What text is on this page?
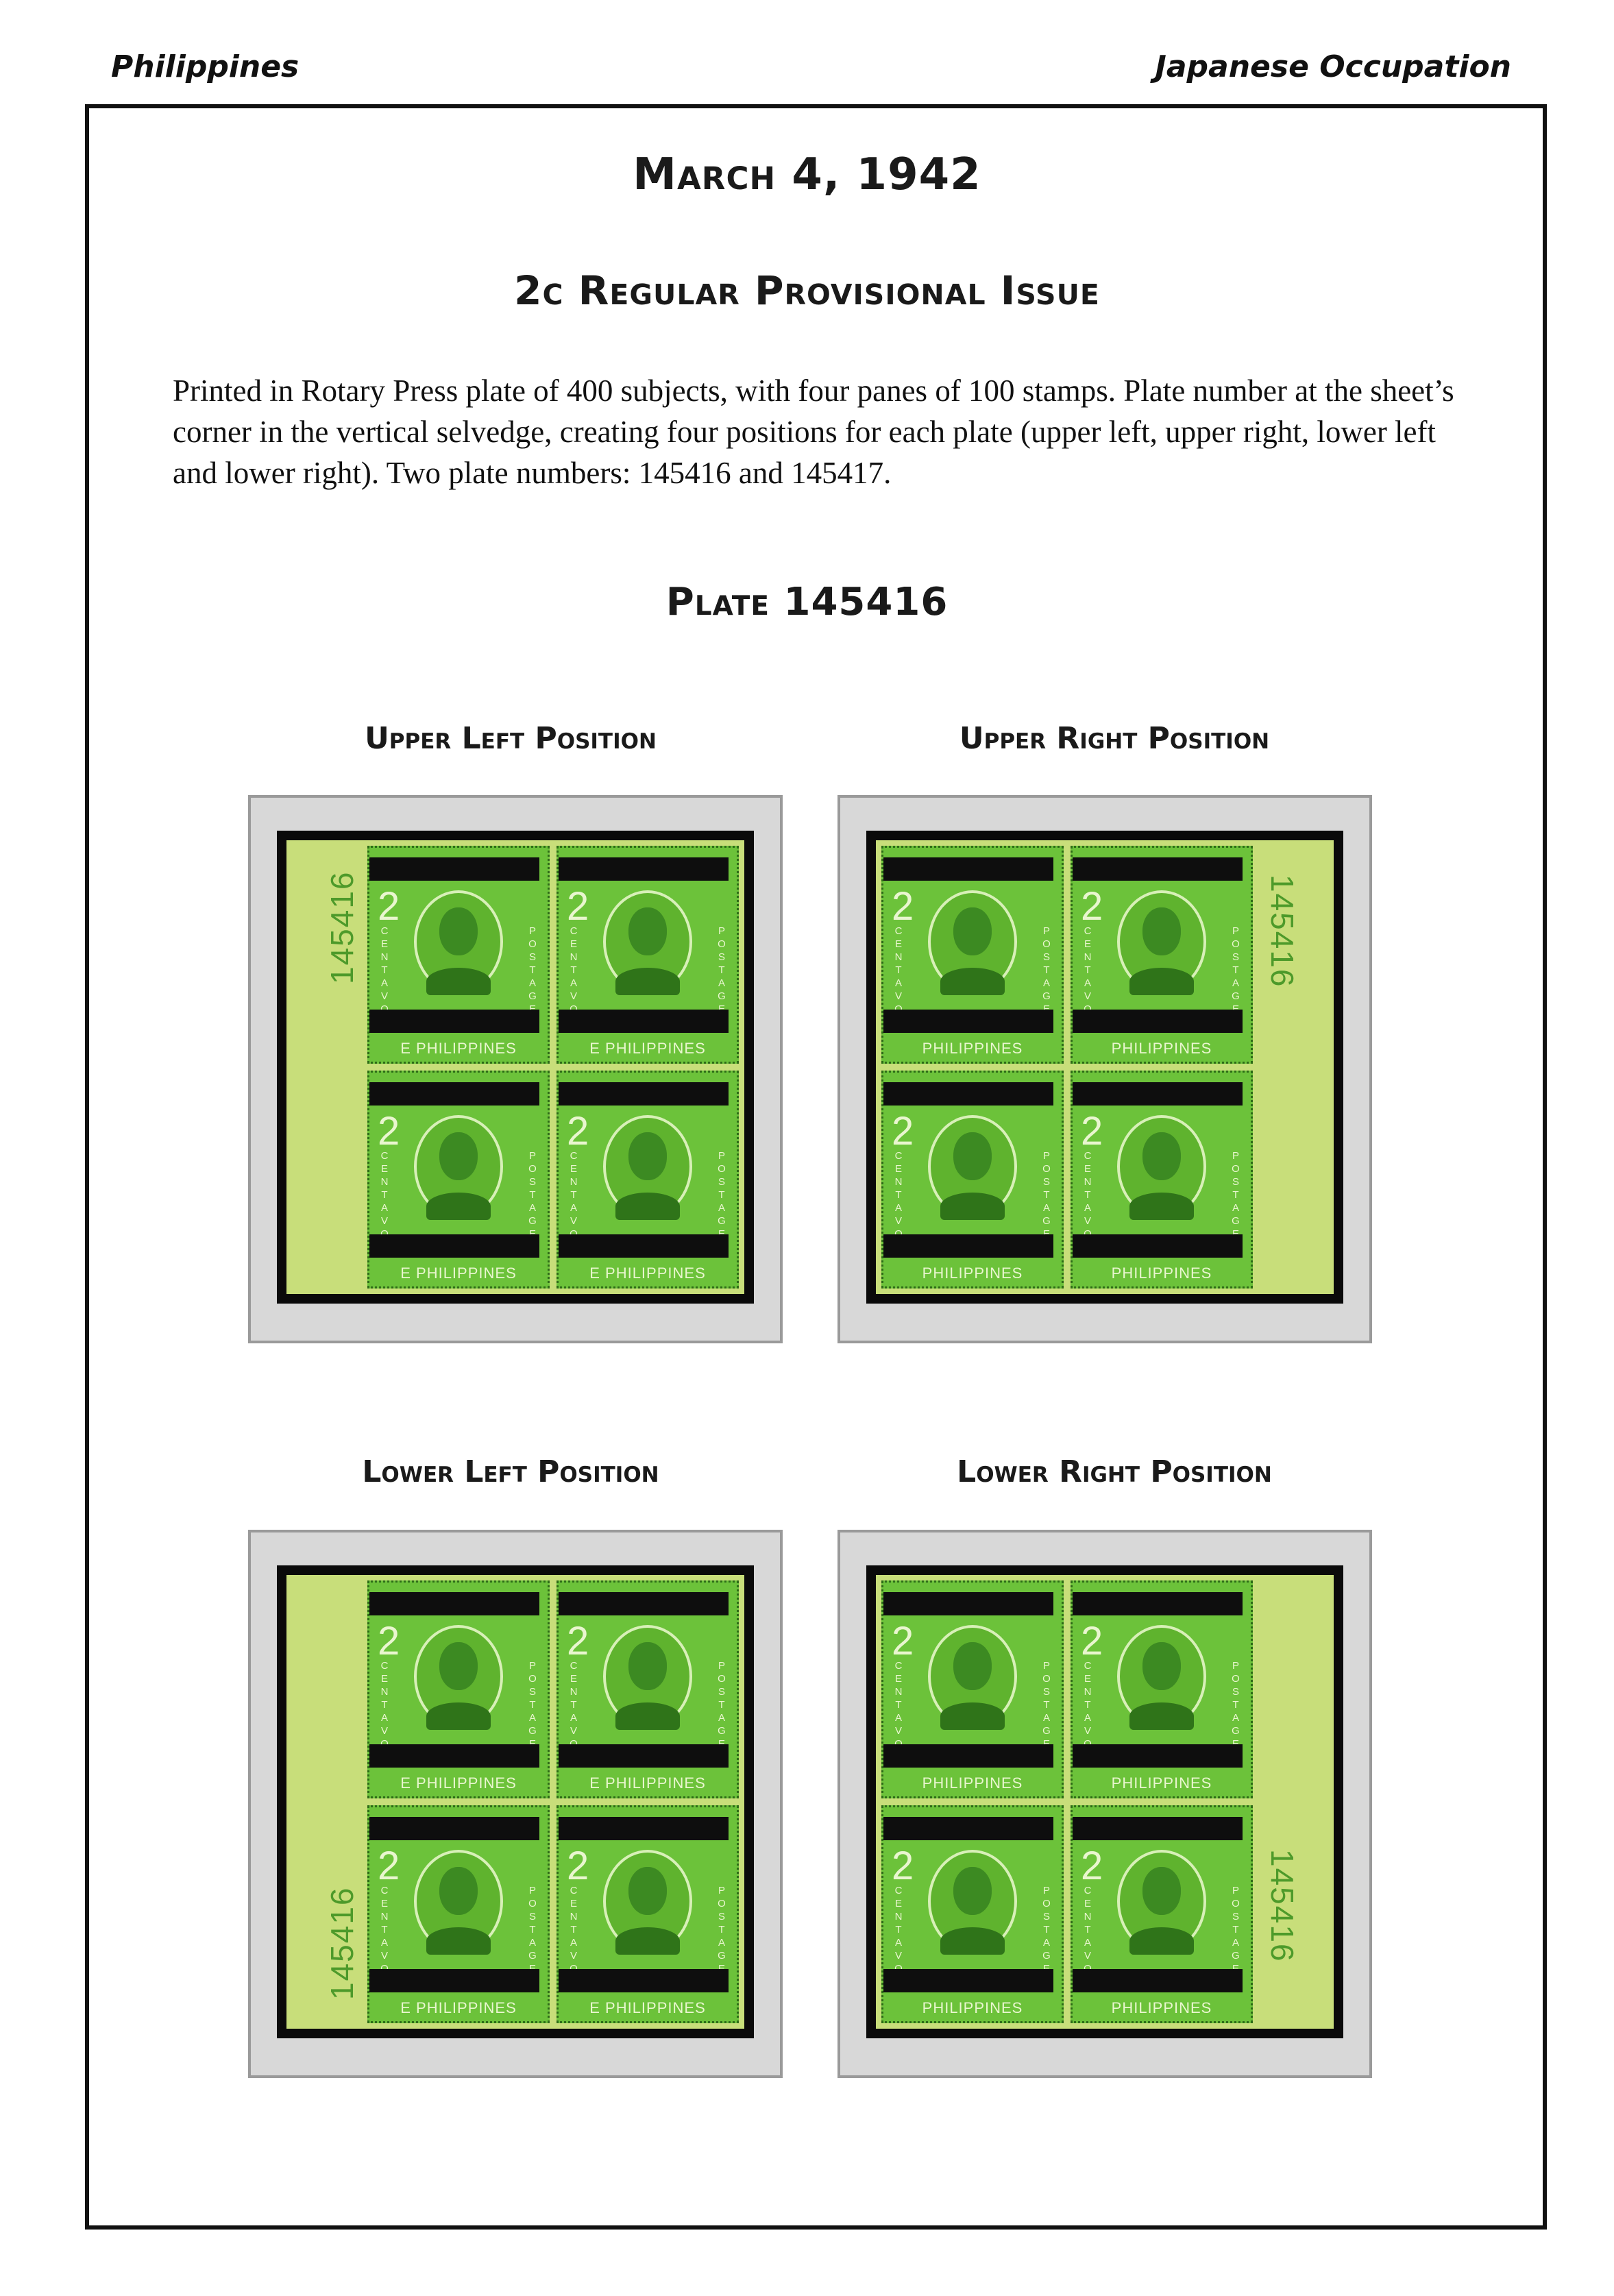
Philippines	Japanese Occupation
March 4, 1942
2c Regular Provisional Issue
Printed in Rotary Press plate of 400 subjects, with four panes of 100 stamps. Plate number at the sheet’s corner in the vertical selvedge, creating four positions for each plate (upper left, upper right, lower left and lower right). Two plate numbers: 145416 and 145417.
Plate 145416
Upper Left Position
145416 2
CENTAV
POSTAG
E PHILIPPINES
2
CENTAV
POSTAG
E PHILIPPINES
2
CENTAV
POSTAG
E PHILIPPINES
2
CENTAV
POSTAG
E PHILIPPINES
Upper Right Position
2
CENTAV
POSTAG
PHILIPPINES
2
CENTAV
POSTAG
PHILIPPINES
2
CENTAV
POSTAG
PHILIPPINES
2
CENTAV
POSTAG
PHILIPPINES
145416
Lower Left Position
145416
2
CENTAV
POSTAG
E PHILIPPINES
2
CENTAV
POSTAG
E PHILIPPINES
2
CENTAV
POSTAG
E PHILIPPINES
2
CENTAV
POSTAG
E PHILIPPINES
Lower Right Position
2
CENTAV
POSTAG
PHILIPPINES
2
CENTAV
POSTAG
PHILIPPINES
2
CENTAV
POSTAG
PHILIPPINES
2
CENTAV
POSTAG
PHILIPPINES
145416
